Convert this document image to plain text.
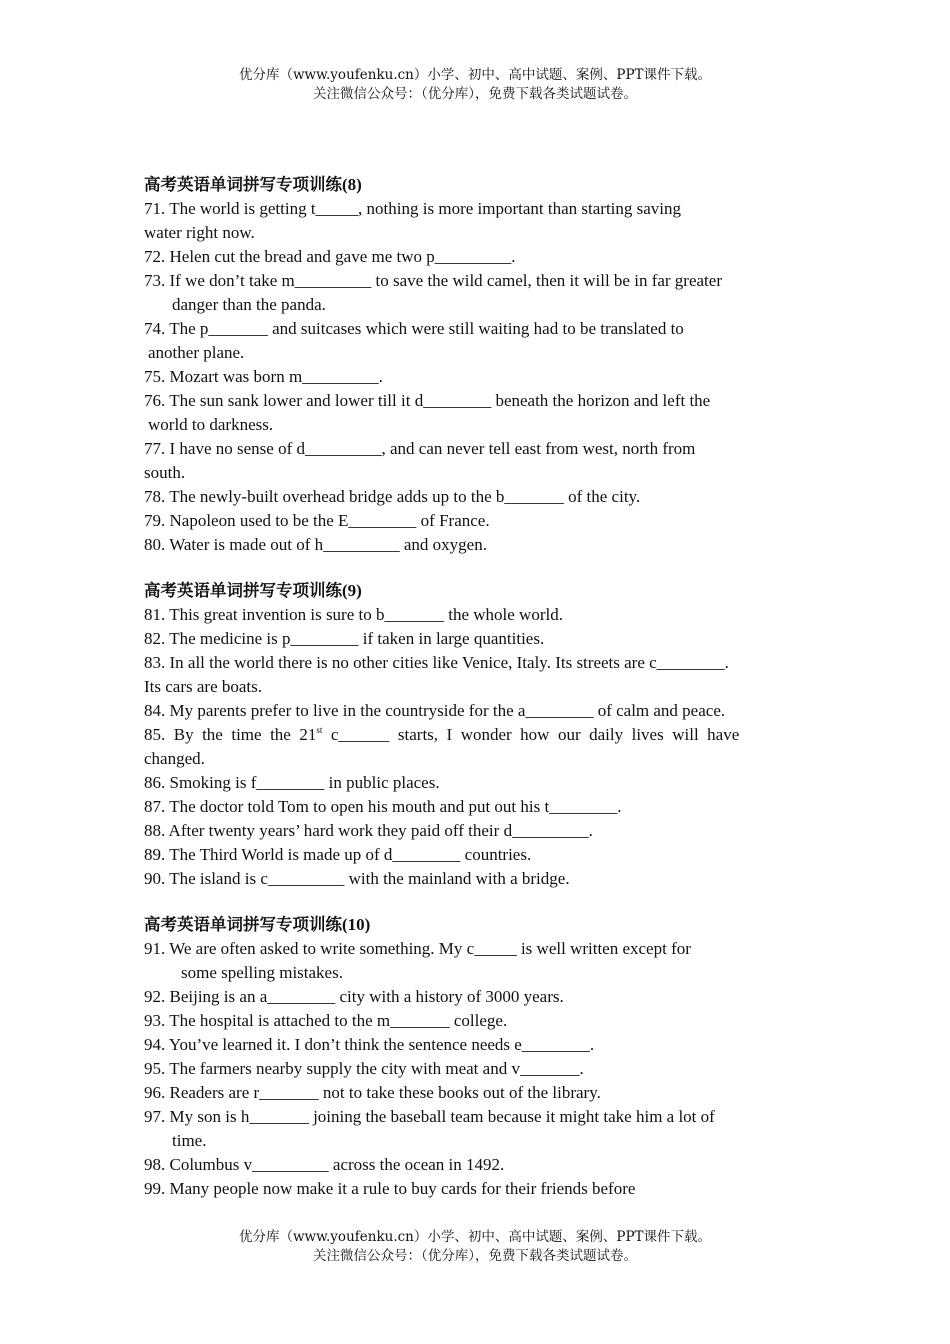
优分库（www.youfenku.cn）小学、初中、高中试题、案例、PPT课件下载。
关注微信公众号：（优分库），免费下载各类试题试卷。
高考英语单词拼写专项训练(8)
71. The world is getting t_____, nothing is more important than starting saving
water right now.
72. Helen cut the bread and gave me two p_________.
73. If we don’t take m_________ to save the wild camel, then it will be in far greater
danger than the panda.
74. The p_______ and suitcases which were still waiting had to be translated to
another plane.
75. Mozart was born m_________.
76. The sun sank lower and lower till it d________ beneath the horizon and left the
world to darkness.
77. I have no sense of d_________, and can never tell east from west, north from
south.
78. The newly-built overhead bridge adds up to the b_______ of the city.
79. Napoleon used to be the E________ of France.
80. Water is made out of h_________ and oxygen.
高考英语单词拼写专项训练(9)
81. This great invention is sure to b_______ the whole world.
82. The medicine is p________ if taken in large quantities.
83. In all the world there is no other cities like Venice, Italy. Its streets are c________.
Its cars are boats.
84. My parents prefer to live in the countryside for the a________ of calm and peace.
85.  By  the  time  the  21st  c______  starts,  I  wonder  how  our  daily  lives  will  have
changed.
86. Smoking is f________ in public places.
87. The doctor told Tom to open his mouth and put out his t________.
88. After twenty years’ hard work they paid off their d_________.
89. The Third World is made up of d________ countries.
90. The island is c_________ with the mainland with a bridge.
高考英语单词拼写专项训练(10)
91. We are often asked to write something. My c_____ is well written except for
some spelling mistakes.
92. Beijing is an a________ city with a history of 3000 years.
93. The hospital is attached to the m_______ college.
94. You’ve learned it. I don’t think the sentence needs e________.
95. The farmers nearby supply the city with meat and v_______.
96. Readers are r_______ not to take these books out of the library.
97. My son is h_______ joining the baseball team because it might take him a lot of
time.
98. Columbus v_________ across the ocean in 1492.
99. Many people now make it a rule to buy cards for their friends before
优分库（www.youfenku.cn）小学、初中、高中试题、案例、PPT课件下载。
关注微信公众号：（优分库），免费下载各类试题试卷。
